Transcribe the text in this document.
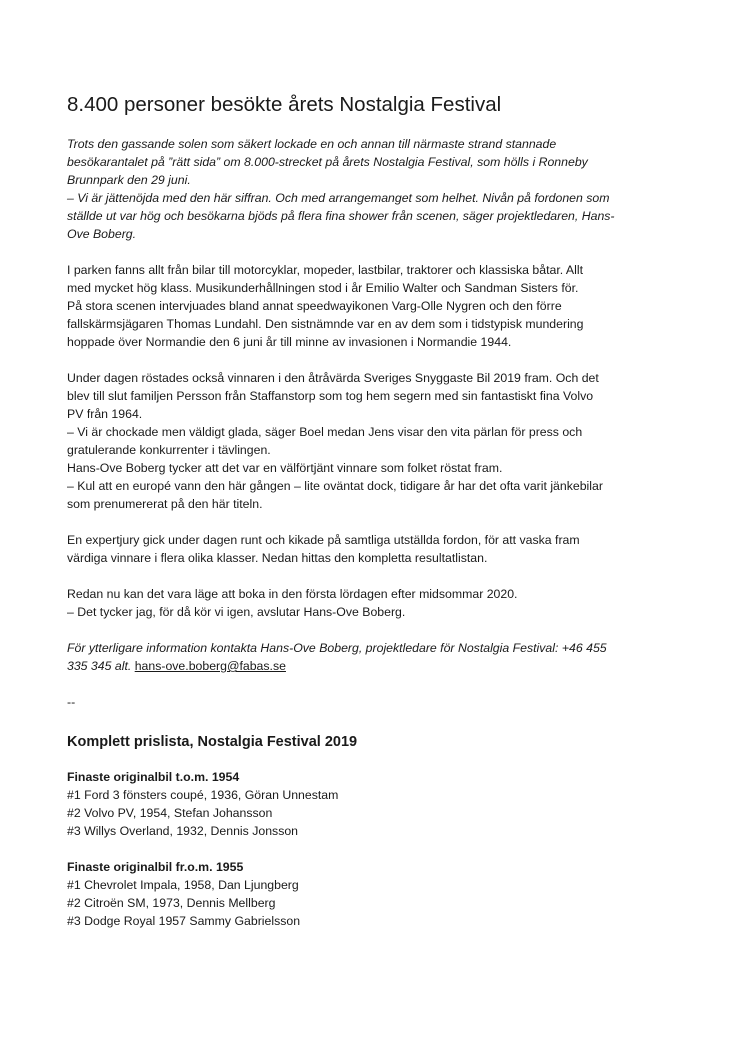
8.400 personer besökte årets Nostalgia Festival

Trots den gassande solen som säkert lockade en och annan till närmaste strand stannade

besökarantalet på ”rätt sida” om 8.000-strecket på årets Nostalgia Festival, som hölls i Ronneby

Brunnpark den 29 juni.

– Vi är jättenöjda med den här siffran. Och med arrangemanget som helhet. Nivån på fordonen som

ställde ut var hög och besökarna bjöds på flera fina shower från scenen, säger projektledaren, Hans-

Ove Boberg.

I parken fanns allt från bilar till motorcyklar, mopeder, lastbilar, traktorer och klassiska båtar. Allt

med mycket hög klass. Musikunderhållningen stod i år Emilio Walter och Sandman Sisters för.

På stora scenen intervjuades bland annat speedwayikonen Varg-Olle Nygren och den förre

fallskärmsjägaren Thomas Lundahl. Den sistnämnde var en av dem som i tidstypisk mundering

hoppade över Normandie den 6 juni år till minne av invasionen i Normandie 1944.

Under dagen röstades också vinnaren i den åtråvärda Sveriges Snyggaste Bil 2019 fram. Och det

blev till slut familjen Persson från Staffanstorp som tog hem segern med sin fantastiskt fina Volvo

PV från 1964.

– Vi är chockade men väldigt glada, säger Boel medan Jens visar den vita pärlan för press och

gratulerande konkurrenter i tävlingen.

Hans-Ove Boberg tycker att det var en välförtjänt vinnare som folket röstat fram.

– Kul att en europé vann den här gången – lite oväntat dock, tidigare år har det ofta varit jänkebilar

som prenumererat på den här titeln.

En expertjury gick under dagen runt och kikade på samtliga utställda fordon, för att vaska fram

värdiga vinnare i flera olika klasser. Nedan hittas den kompletta resultatlistan.

Redan nu kan det vara läge att boka in den första lördagen efter midsommar 2020.

– Det tycker jag, för då kör vi igen, avslutar Hans-Ove Boberg.

För ytterligare information kontakta Hans-Ove Boberg, projektledare för Nostalgia Festival: +46 455

335 345 alt. hans-ove.boberg@fabas.se

--

Komplett prislista, Nostalgia Festival 2019

Finaste originalbil t.o.m. 1954

#1 Ford 3 fönsters coupé, 1936, Göran Unnestam

#2 Volvo PV, 1954, Stefan Johansson

#3 Willys Overland, 1932, Dennis Jonsson

Finaste originalbil fr.o.m. 1955

#1 Chevrolet Impala, 1958, Dan Ljungberg

#2 Citroën SM, 1973, Dennis Mellberg

#3 Dodge Royal 1957 Sammy Gabrielsson
